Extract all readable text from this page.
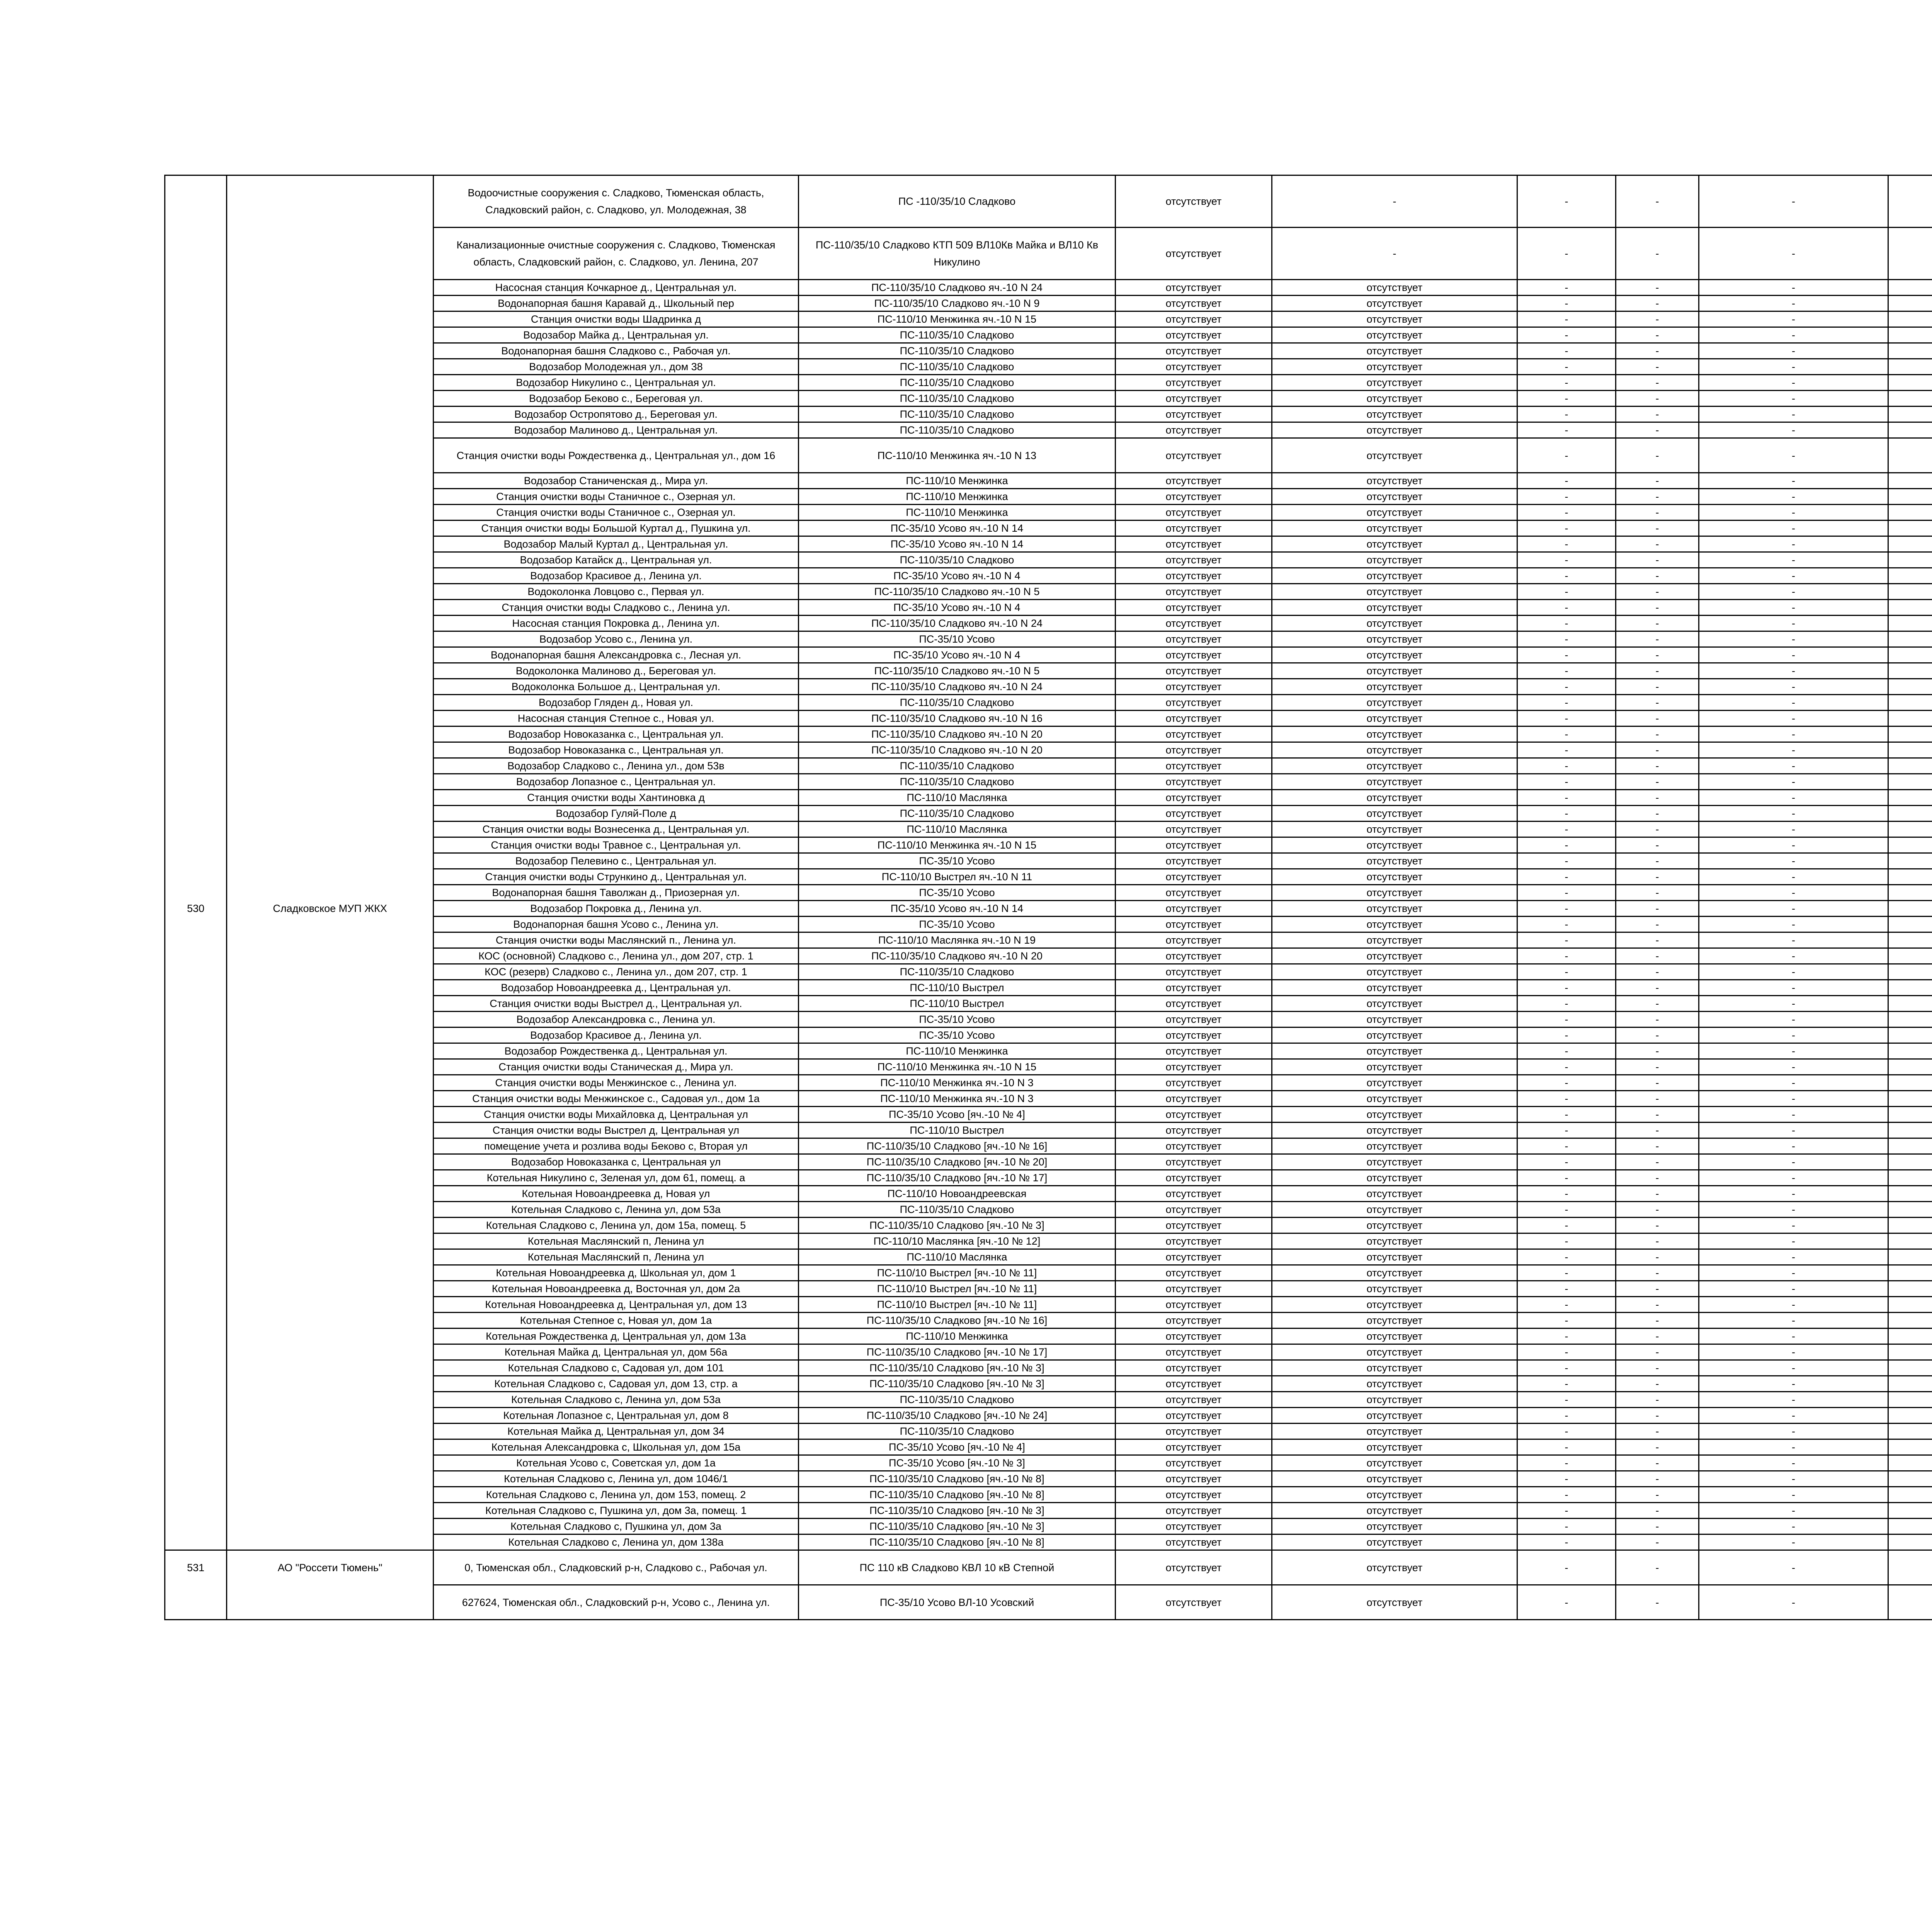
		Водоочистные сооружения с. Сладково, Тюменская область, Сладковский район, с. Сладково, ул. Молодежная, 38	ПС -110/35/10 Сладково	отсутствует	-	-	-	-		
		Канализационные очистные сооружения с. Сладково, Тюменская область, Сладковский район, с. Сладково, ул. Ленина, 207	ПС-110/35/10 Сладково КТП 509 ВЛ10Кв Майка и ВЛ10 Кв Никулино	отсутствует	-	-	-	-		
		Насосная станция Кочкарное д., Центральная ул.	ПС-110/35/10 Сладково яч.-10 N 24	отсутствует	отсутствует	-	-	-		
		Водонапорная башня Каравай д., Школьный пер	ПС-110/35/10 Сладково яч.-10 N 9	отсутствует	отсутствует	-	-	-		
		Станция очистки воды Шадринка д	ПС-110/10 Менжинка яч.-10 N 15	отсутствует	отсутствует	-	-	-		
		Водозабор Майка д., Центральная ул.	ПС-110/35/10 Сладково	отсутствует	отсутствует	-	-	-		
		Водонапорная башня Сладково с., Рабочая ул.	ПС-110/35/10 Сладково	отсутствует	отсутствует	-	-	-		
		Водозабор Молодежная ул., дом 38	ПС-110/35/10 Сладково	отсутствует	отсутствует	-	-	-		
		Водозабор Никулино с., Центральная ул.	ПС-110/35/10 Сладково	отсутствует	отсутствует	-	-	-		
		Водозабор Беково с., Береговая ул.	ПС-110/35/10 Сладково	отсутствует	отсутствует	-	-	-		
		Водозабор Остропятово д., Береговая ул.	ПС-110/35/10 Сладково	отсутствует	отсутствует	-	-	-		
		Водозабор Малиново д., Центральная ул.	ПС-110/35/10 Сладково	отсутствует	отсутствует	-	-	-		
		Станция очистки воды Рождественка д., Центральная ул., дом 16	ПС-110/10 Менжинка яч.-10 N 13	отсутствует	отсутствует	-	-	-		
		Водозабор Станиченская д., Мира ул.	ПС-110/10 Менжинка	отсутствует	отсутствует	-	-	-		
		Станция очистки воды Станичное с., Озерная ул.	ПС-110/10 Менжинка	отсутствует	отсутствует	-	-	-		
		Станция очистки воды Станичное с., Озерная ул.	ПС-110/10 Менжинка	отсутствует	отсутствует	-	-	-		
		Станция очистки воды Большой Куртал д., Пушкина ул.	ПС-35/10 Усово яч.-10 N 14	отсутствует	отсутствует	-	-	-		
		Водозабор Малый Куртал д., Центральная ул.	ПС-35/10 Усово яч.-10 N 14	отсутствует	отсутствует	-	-	-		
		Водозабор Катайск д., Центральная ул.	ПС-110/35/10 Сладково	отсутствует	отсутствует	-	-	-		
		Водозабор Красивое д., Ленина ул.	ПС-35/10 Усово яч.-10 N 4	отсутствует	отсутствует	-	-	-		
		Водоколонка Ловцово с., Первая ул.	ПС-110/35/10 Сладково яч.-10 N 5	отсутствует	отсутствует	-	-	-		
		Станция очистки воды Сладково с., Ленина ул.	ПС-35/10 Усово яч.-10 N 4	отсутствует	отсутствует	-	-	-		
		Насосная станция Покровка д., Ленина ул.	ПС-110/35/10 Сладково яч.-10 N 24	отсутствует	отсутствует	-	-	-		
		Водозабор Усово с., Ленина ул.	ПС-35/10 Усово	отсутствует	отсутствует	-	-	-		
		Водонапорная башня Александровка с., Лесная ул.	ПС-35/10 Усово яч.-10 N 4	отсутствует	отсутствует	-	-	-		
		Водоколонка Малиново д., Береговая ул.	ПС-110/35/10 Сладково яч.-10 N 5	отсутствует	отсутствует	-	-	-		
		Водоколонка Большое д., Центральная ул.	ПС-110/35/10 Сладково яч.-10 N 24	отсутствует	отсутствует	-	-	-		
		Водозабор Гляден д., Новая ул.	ПС-110/35/10 Сладково	отсутствует	отсутствует	-	-	-		
		Насосная станция Степное с., Новая ул.	ПС-110/35/10 Сладково яч.-10 N 16	отсутствует	отсутствует	-	-	-		
		Водозабор Новоказанка с., Центральная ул.	ПС-110/35/10 Сладково яч.-10 N 20	отсутствует	отсутствует	-	-	-		
		Водозабор Новоказанка с., Центральная ул.	ПС-110/35/10 Сладково яч.-10 N 20	отсутствует	отсутствует	-	-	-		
		Водозабор Сладково с., Ленина ул., дом 53в	ПС-110/35/10 Сладково	отсутствует	отсутствует	-	-	-		
		Водозабор Лопазное с., Центральная ул.	ПС-110/35/10 Сладково	отсутствует	отсутствует	-	-	-		
		Станция очистки воды Хантиновка д	ПС-110/10 Маслянка	отсутствует	отсутствует	-	-	-		
		Водозабор Гуляй-Поле д	ПС-110/35/10 Сладково	отсутствует	отсутствует	-	-	-		
		Станция очистки воды Вознесенка д., Центральная ул.	ПС-110/10 Маслянка	отсутствует	отсутствует	-	-	-		
		Станция очистки воды Травное с., Центральная ул.	ПС-110/10 Менжинка яч.-10 N 15	отсутствует	отсутствует	-	-	-		
		Водозабор Пелевино с., Центральная ул.	ПС-35/10 Усово	отсутствует	отсутствует	-	-	-		
		Станция очистки воды Стрункино д., Центральная ул.	ПС-110/10 Выстрел яч.-10 N 11	отсутствует	отсутствует	-	-	-		
		Водонапорная башня Таволжан д., Приозерная ул.	ПС-35/10 Усово	отсутствует	отсутствует	-	-	-		
530	Сладковское МУП ЖКХ	Водозабор Покровка д., Ленина ул.	ПС-35/10 Усово яч.-10 N 14	отсутствует	отсутствует	-	-	-		
		Водонапорная башня Усово с., Ленина ул.	ПС-35/10 Усово	отсутствует	отсутствует	-	-	-		
		Станция очистки воды Маслянский п., Ленина ул.	ПС-110/10 Маслянка яч.-10 N 19	отсутствует	отсутствует	-	-	-		
		КОС (основной) Сладково с., Ленина ул., дом 207, стр. 1	ПС-110/35/10 Сладково яч.-10 N 20	отсутствует	отсутствует	-	-	-		
		КОС (резерв) Сладково с., Ленина ул., дом 207, стр. 1	ПС-110/35/10 Сладково	отсутствует	отсутствует	-	-	-		
		Водозабор Новоандреевка д., Центральная ул.	ПС-110/10 Выстрел	отсутствует	отсутствует	-	-	-		
		Станция очистки воды Выстрел д., Центральная ул.	ПС-110/10 Выстрел	отсутствует	отсутствует	-	-	-		
		Водозабор Александровка с., Ленина ул.	ПС-35/10 Усово	отсутствует	отсутствует	-	-	-		
		Водозабор Красивое д., Ленина ул.	ПС-35/10 Усово	отсутствует	отсутствует	-	-	-		
		Водозабор Рождественка д., Центральная ул.	ПС-110/10 Менжинка	отсутствует	отсутствует	-	-	-		
		Станция очистки воды Станическая д., Мира ул.	ПС-110/10 Менжинка яч.-10 N 15	отсутствует	отсутствует	-	-	-		
		Станция очистки воды Менжинское с., Ленина ул.	ПС-110/10 Менжинка яч.-10 N 3	отсутствует	отсутствует	-	-	-		
		Станция очистки воды Менжинское с., Садовая ул., дом 1а	ПС-110/10 Менжинка яч.-10 N 3	отсутствует	отсутствует	-	-	-		
		Станция очистки воды Михайловка д, Центральная ул	ПС-35/10 Усово [яч.-10 № 4]	отсутствует	отсутствует	-	-	-		
		Станция очистки воды Выстрел д, Центральная ул	ПС-110/10 Выстрел	отсутствует	отсутствует	-	-	-		
		помещение учета и розлива воды Беково с, Вторая ул	ПС-110/35/10 Сладково [яч.-10 № 16]	отсутствует	отсутствует	-	-	-		
		Водозабор Новоказанка с, Центральная ул	ПС-110/35/10 Сладково [яч.-10 № 20]	отсутствует	отсутствует	-	-	-		
		Котельная Никулино с, Зеленая ул, дом 61, помещ. а	ПС-110/35/10 Сладково [яч.-10 № 17]	отсутствует	отсутствует	-	-	-		
		Котельная Новоандреевка д, Новая ул	ПС-110/10 Новоандреевская	отсутствует	отсутствует	-	-	-		
		Котельная Сладково с, Ленина ул, дом 53а	ПС-110/35/10 Сладково	отсутствует	отсутствует	-	-	-		
		Котельная Сладково с, Ленина ул, дом 15а, помещ. 5	ПС-110/35/10 Сладково [яч.-10 № 3]	отсутствует	отсутствует	-	-	-		
		Котельная Маслянский п, Ленина ул	ПС-110/10 Маслянка [яч.-10 № 12]	отсутствует	отсутствует	-	-	-		
		Котельная Маслянский п, Ленина ул	ПС-110/10 Маслянка	отсутствует	отсутствует	-	-	-		
		Котельная Новоандреевка д, Школьная ул, дом 1	ПС-110/10 Выстрел [яч.-10 № 11]	отсутствует	отсутствует	-	-	-		
		Котельная Новоандреевка д, Восточная ул, дом 2а	ПС-110/10 Выстрел [яч.-10 № 11]	отсутствует	отсутствует	-	-	-		
		Котельная Новоандреевка д, Центральная ул, дом 13	ПС-110/10 Выстрел [яч.-10 № 11]	отсутствует	отсутствует	-	-	-		
		Котельная Степное с, Новая ул, дом 1а	ПС-110/35/10 Сладково [яч.-10 № 16]	отсутствует	отсутствует	-	-	-		
		Котельная Рождественка д, Центральная ул, дом 13а	ПС-110/10 Менжинка	отсутствует	отсутствует	-	-	-		
		Котельная Майка д, Центральная ул, дом 56а	ПС-110/35/10 Сладково [яч.-10 № 17]	отсутствует	отсутствует	-	-	-		
		Котельная Сладково с, Садовая ул, дом 101	ПС-110/35/10 Сладково [яч.-10 № 3]	отсутствует	отсутствует	-	-	-		
		Котельная Сладково с, Садовая ул, дом 13, стр. а	ПС-110/35/10 Сладково [яч.-10 № 3]	отсутствует	отсутствует	-	-	-		
		Котельная Сладково с, Ленина ул, дом 53а	ПС-110/35/10 Сладково	отсутствует	отсутствует	-	-	-		
		Котельная Лопазное с, Центральная ул, дом 8	ПС-110/35/10 Сладково [яч.-10 № 24]	отсутствует	отсутствует	-	-	-		
		Котельная Майка д, Центральная ул, дом 34	ПС-110/35/10 Сладково	отсутствует	отсутствует	-	-	-		
		Котельная Александровка с, Школьная ул, дом 15а	ПС-35/10 Усово [яч.-10 № 4]	отсутствует	отсутствует	-	-	-		
		Котельная Усово с, Советская ул, дом 1а	ПС-35/10 Усово [яч.-10 № 3]	отсутствует	отсутствует	-	-	-		
		Котельная Сладково с, Ленина ул, дом 1046/1	ПС-110/35/10 Сладково [яч.-10 № 8]	отсутствует	отсутствует	-	-	-		
		Котельная Сладково с, Ленина ул, дом 153, помещ. 2	ПС-110/35/10 Сладково [яч.-10 № 8]	отсутствует	отсутствует	-	-	-		
		Котельная Сладково с, Пушкина ул, дом 3а, помещ. 1	ПС-110/35/10 Сладково [яч.-10 № 3]	отсутствует	отсутствует	-	-	-		
		Котельная Сладково с, Пушкина ул, дом 3а	ПС-110/35/10 Сладково [яч.-10 № 3]	отсутствует	отсутствует	-	-	-		
		Котельная Сладково с, Ленина ул, дом 138а	ПС-110/35/10 Сладково [яч.-10 № 8]	отсутствует	отсутствует	-	-	-		
531	АО "Россети Тюмень"	0, Тюменская обл., Сладковский р-н, Сладково с., Рабочая ул.	ПС 110 кВ Сладково КВЛ 10 кВ Степной	отсутствует	отсутствует	-	-	-		
		627624, Тюменская обл., Сладковский р-н, Усово с., Ленина ул.	ПС-35/10 Усово ВЛ-10 Усовский	отсутствует	отсутствует	-	-	-		
